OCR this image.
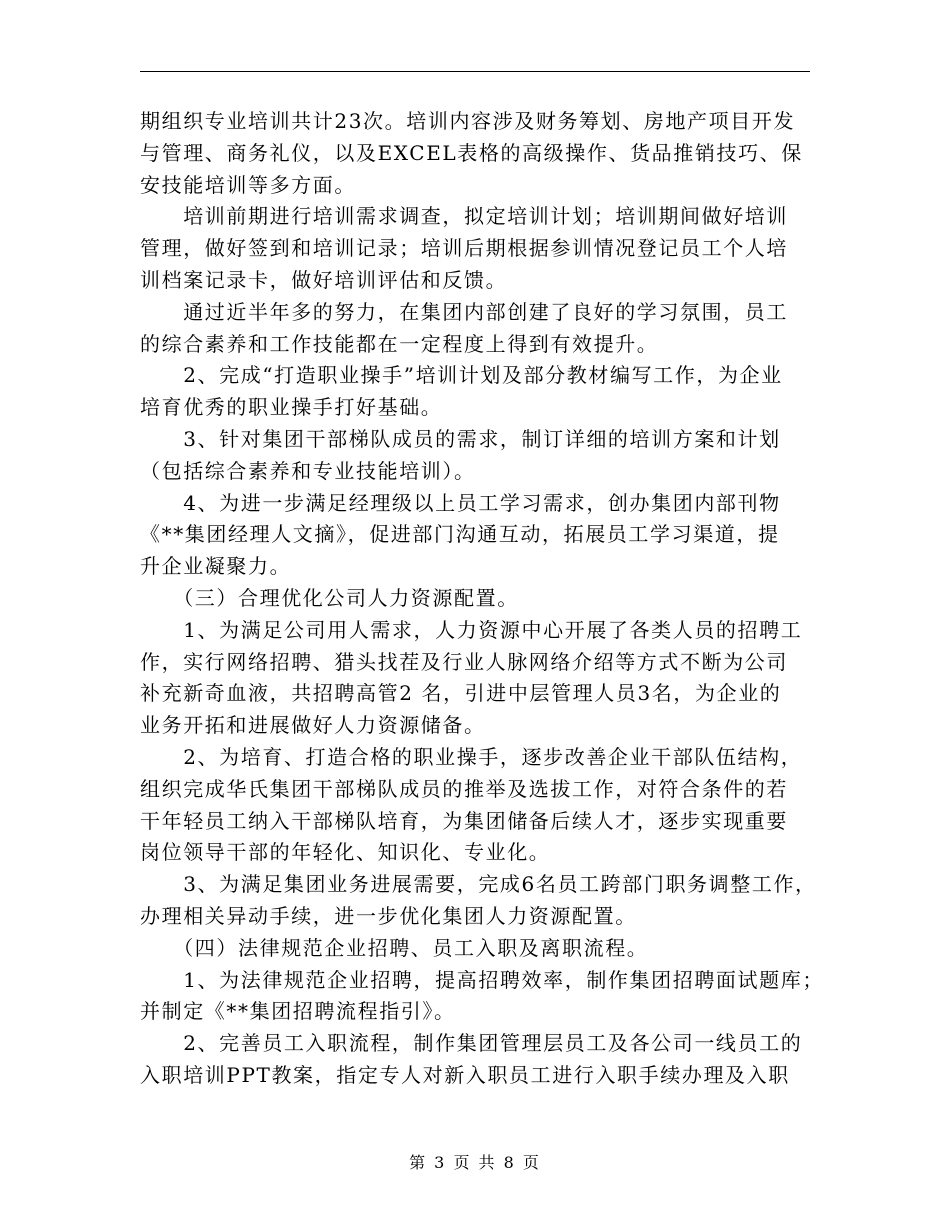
期组织专业培训共计23次。培训内容涉及财务筹划、房地产项目开发
与管理、商务礼仪，以及EXCEL表格的高级操作、货品推销技巧、保
安技能培训等多方面。
　　培训前期进行培训需求调查，拟定培训计划；培训期间做好培训
管理，做好签到和培训记录；培训后期根据参训情况登记员工个人培
训档案记录卡，做好培训评估和反馈。
　　通过近半年多的努力，在集团内部创建了良好的学习氛围，员工
的综合素养和工作技能都在一定程度上得到有效提升。
　　2、完成“打造职业操手”培训计划及部分教材编写工作，为企业
培育优秀的职业操手打好基础。
　　3、针对集团干部梯队成员的需求，制订详细的培训方案和计划
（包括综合素养和专业技能培训）。
　　4、为进一步满足经理级以上员工学习需求，创办集团内部刊物
《**集团经理人文摘》，促进部门沟通互动，拓展员工学习渠道，提
升企业凝聚力。
　　（三）合理优化公司人力资源配置。
　　1、为满足公司用人需求，人力资源中心开展了各类人员的招聘工
作，实行网络招聘、猎头找茬及行业人脉网络介绍等方式不断为公司
补充新奇血液，共招聘高管2 名，引进中层管理人员3名，为企业的
业务开拓和进展做好人力资源储备。
　　2、为培育、打造合格的职业操手，逐步改善企业干部队伍结构，
组织完成华氏集团干部梯队成员的推举及选拔工作，对符合条件的若
干年轻员工纳入干部梯队培育，为集团储备后续人才，逐步实现重要
岗位领导干部的年轻化、知识化、专业化。
　　3、为满足集团业务进展需要，完成6名员工跨部门职务调整工作，
办理相关异动手续，进一步优化集团人力资源配置。
　　（四）法律规范企业招聘、员工入职及离职流程。
　　1、为法律规范企业招聘，提高招聘效率，制作集团招聘面试题库；
并制定《**集团招聘流程指引》。
　　2、完善员工入职流程，制作集团管理层员工及各公司一线员工的
入职培训PPT教案，指定专人对新入职员工进行入职手续办理及入职
第 3 页 共 8 页
